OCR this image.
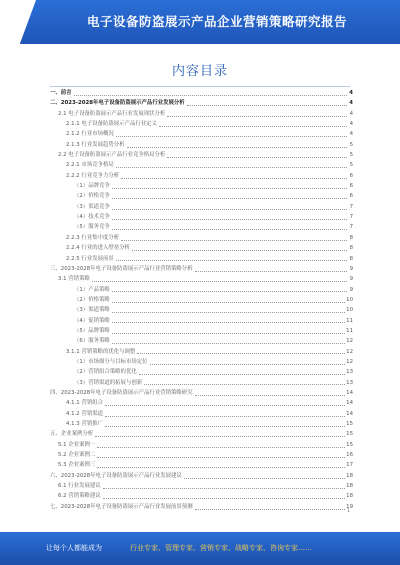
电子设备防盗展示产品企业营销策略研究报告
内容目录
一、前言	4
二、2023-2028年电子设备防盗展示产品行业发展分析	4
2.1 电子设备防盗展示产品行业发展现状分析	4
2.1.1 电子设备防盗展示产品行业定义	4
2.1.2 行业市场概况	4
2.1.3 行业发展趋势分析	5
2.2 电子设备防盗展示产品行业竞争格局分析	5
2.2.1 市场竞争格局	5
2.2.2 行业竞争力分析	6
（1）品牌竞争	6
（2）价格竞争	6
（3）渠道竞争	7
（4）技术竞争	7
（5）服务竞争	7
2.2.3 行业集中度分析	8
2.2.4 行业的进入壁垒分析	8
2.2.5 行业发展前景	8
三、2023-2028年电子设备防盗展示产品行业营销策略分析	9
3.1 营销策略	9
（1）产品策略	9
（2）价格策略	10
（3）渠道策略	10
（4）促销策略	11
（5）品牌策略	11
（6）服务策略	12
3.1.1 营销策略的优化与调整	12
（1）市场细分与目标市场定位	12
（2）营销组合策略的优化	13
（3）营销渠道的拓展与创新	13
四、2023-2028年电子设备防盗展示产品行业营销策略研究	14
4.1.1 营销组合	14
4.1.2 营销渠道	14
4.1.3 营销推广	15
五、企业案例分析	15
5.1 企业案例一	15
5.2 企业案例二	16
5.3 企业案例三	17
六、2023-2028年电子设备防盗展示产品行业发展建议	18
6.1 行业发展建议	18
6.2 营销策略建议	18
七、2023-2028年电子设备防盗展示产品行业发展前景预测	19
1
让每个人都能成为	行业专家、管理专家、营销专家、战略专家、咨询专家……
